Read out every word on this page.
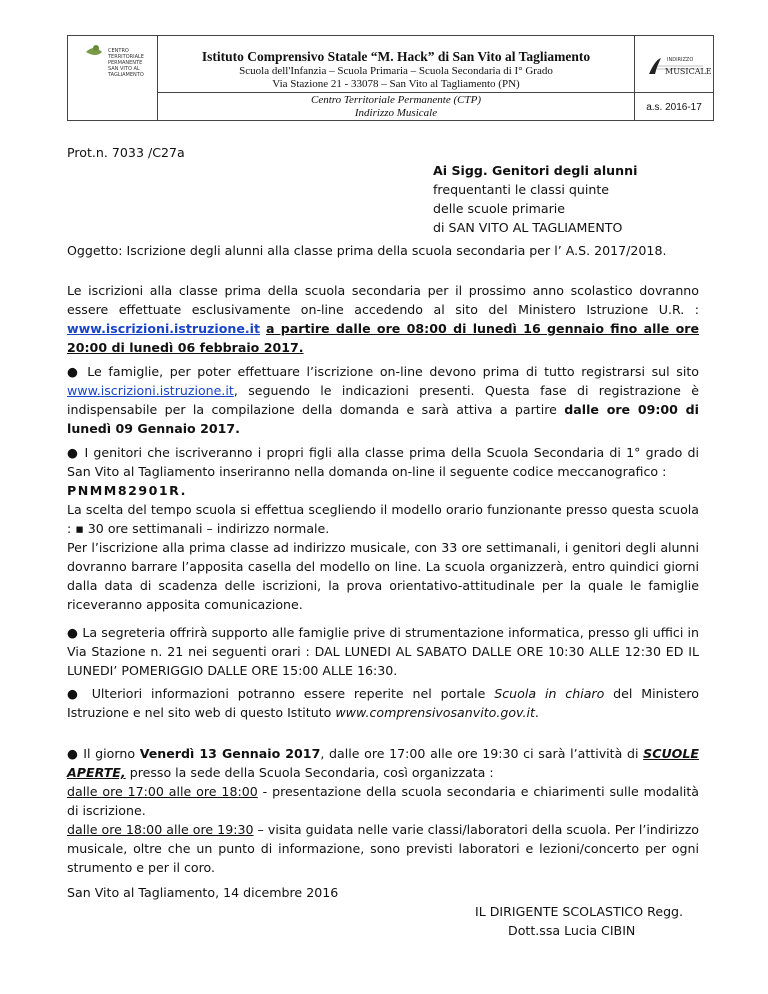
CENTRO
TERRITORIALE
PERMANENTE
SAN VITO AL
TAGLIAMENTO
Istituto Comprensivo Statale “M. Hack” di San Vito al Tagliamento
Scuola dell'Infanzia – Scuola Primaria – Scuola Secondaria di I° Grado
Via Stazione 21 - 33078 – San Vito al Tagliamento (PN)
Centro Territoriale Permanente (CTP)
Indirizzo Musicale
INDIRIZZO
MUSICALE
a.s. 2016-17
Prot.n. 7033 /C27a
Ai Sigg. Genitori degli alunni
frequentanti le classi quinte
delle scuole primarie
di SAN VITO AL TAGLIAMENTO

Oggetto: Iscrizione degli alunni alla classe prima della scuola secondaria per l’ A.S. 2017/2018.

Le iscrizioni alla classe prima della scuola secondaria per il prossimo anno scolastico dovranno essere effettuate esclusivamente on-line accedendo al sito del Ministero Istruzione U.R. : www.iscrizioni.istruzione.it a partire dalle ore 08:00 di lunedì 16 gennaio fino alle ore 20:00 di lunedì 06 febbraio 2017.

● Le famiglie, per poter effettuare l’iscrizione on-line devono prima di tutto registrarsi sul sito www.iscrizioni.istruzione.it, seguendo le indicazioni presenti. Questa fase di registrazione è indispensabile per la compilazione della domanda e sarà attiva a partire dalle ore 09:00 di lunedì 09 Gennaio 2017.

● I genitori che iscriveranno i propri figli alla classe prima della Scuola Secondaria di 1° grado di San Vito al Tagliamento inseriranno nella domanda on-line il seguente codice meccanografico :
PNMM82901R.
La scelta del tempo scuola si effettua scegliendo il modello orario funzionante presso questa scuola : ▪ 30 ore settimanali – indirizzo normale.
Per l’iscrizione alla prima classe ad indirizzo musicale, con 33 ore settimanali, i genitori degli alunni dovranno barrare l’apposita casella del modello on line. La scuola organizzerà, entro quindici giorni dalla data di scadenza delle iscrizioni, la prova orientativo-attitudinale per la quale le famiglie riceveranno apposita comunicazione.

● La segreteria offrirà supporto alle famiglie prive di strumentazione informatica, presso gli uffici in Via Stazione n. 21 nei seguenti orari : DAL LUNEDI AL SABATO DALLE ORE 10:30 ALLE 12:30 ED IL LUNEDI’ POMERIGGIO DALLE ORE 15:00 ALLE 16:30.

● Ulteriori informazioni potranno essere reperite nel portale Scuola in chiaro del Ministero Istruzione e nel sito web di questo Istituto www.comprensivosanvito.gov.it.

● Il giorno Venerdì 13 Gennaio 2017, dalle ore 17:00 alle ore 19:30 ci sarà l’attività di SCUOLE APERTE, presso la sede della Scuola Secondaria, così organizzata :
dalle ore 17:00 alle ore 18:00 - presentazione della scuola secondaria e chiarimenti sulle modalità di iscrizione.
dalle ore 18:00 alle ore 19:30 – visita guidata nelle varie classi/laboratori della scuola. Per l’indirizzo musicale, oltre che un punto di informazione, sono previsti laboratori e lezioni/concerto per ogni strumento e per il coro.

San Vito al Tagliamento, 14 dicembre 2016
IL DIRIGENTE SCOLASTICO Regg.
Dott.ssa Lucia CIBIN
